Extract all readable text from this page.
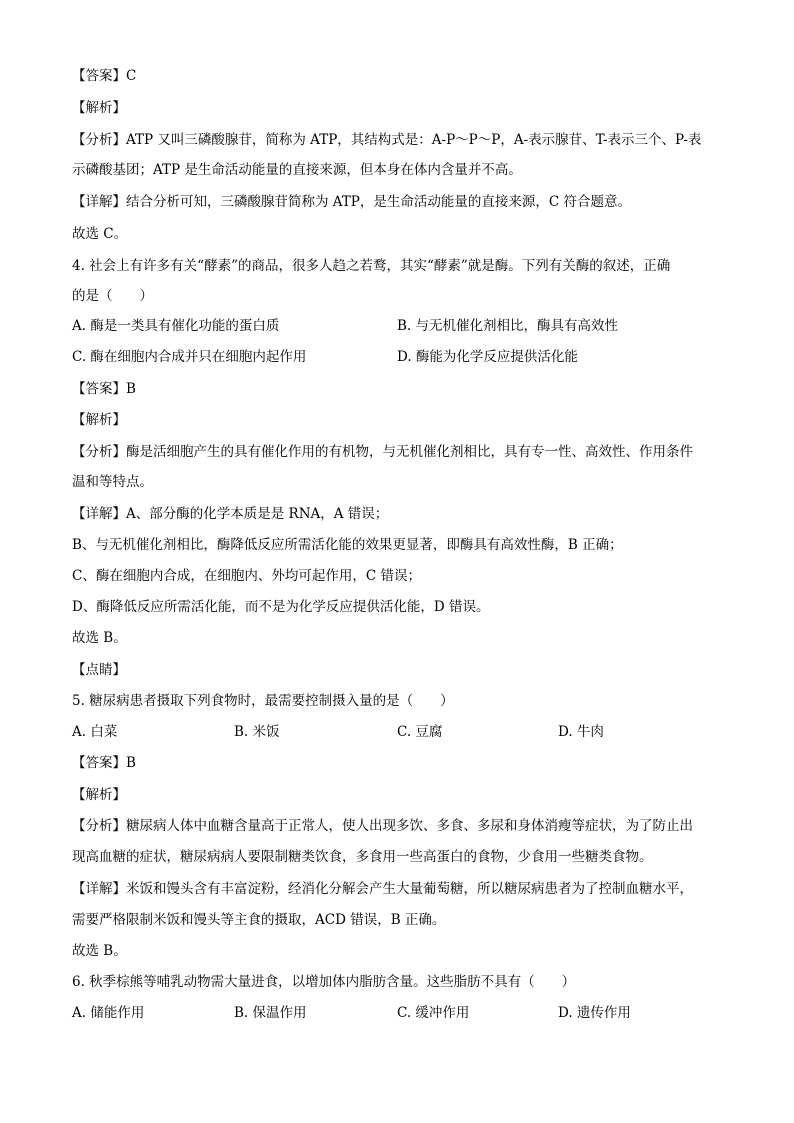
【答案】C
【解析】
【分析】ATP 又叫三磷酸腺苷，简称为 ATP，其结构式是：A-P～P～P，A-表示腺苷、T-表示三个、P-表
示磷酸基团；ATP 是生命活动能量的直接来源，但本身在体内含量并不高。
【详解】结合分析可知，三磷酸腺苷简称为 ATP，是生命活动能量的直接来源，C 符合题意。
故选 C。
4. 社会上有许多有关“酵素”的商品，很多人趋之若鹜，其实“酵素”就是酶。下列有关酶的叙述，正确
的是（　　）
A. 酶是一类具有催化功能的蛋白质	B. 与无机催化剂相比，酶具有高效性
C. 酶在细胞内合成并只在细胞内起作用	D. 酶能为化学反应提供活化能
【答案】B
【解析】
【分析】酶是活细胞产生的具有催化作用的有机物，与无机催化剂相比，具有专一性、高效性、作用条件
温和等特点。
【详解】A、部分酶的化学本质是是 RNA，A 错误；
B、与无机催化剂相比，酶降低反应所需活化能的效果更显著，即酶具有高效性酶，B 正确；
C、酶在细胞内合成，在细胞内、外均可起作用，C 错误；
D、酶降低反应所需活化能，而不是为化学反应提供活化能，D 错误。
故选 B。
【点睛】
5. 糖尿病患者摄取下列食物时，最需要控制摄入量的是（　　）
A. 白菜	B. 米饭	C. 豆腐	D. 牛肉
【答案】B
【解析】
【分析】糖尿病人体中血糖含量高于正常人，使人出现多饮、多食、多尿和身体消瘦等症状，为了防止出
现高血糖的症状，糖尿病病人要限制糖类饮食，多食用一些高蛋白的食物，少食用一些糖类食物。
【详解】米饭和馒头含有丰富淀粉，经消化分解会产生大量葡萄糖，所以糖尿病患者为了控制血糖水平，
需要严格限制米饭和馒头等主食的摄取，ACD 错误，B 正确。
故选 B。
6. 秋季棕熊等哺乳动物需大量进食，以增加体内脂肪含量。这些脂肪不具有（　　）
A. 储能作用	B. 保温作用	C. 缓冲作用	D. 遗传作用
